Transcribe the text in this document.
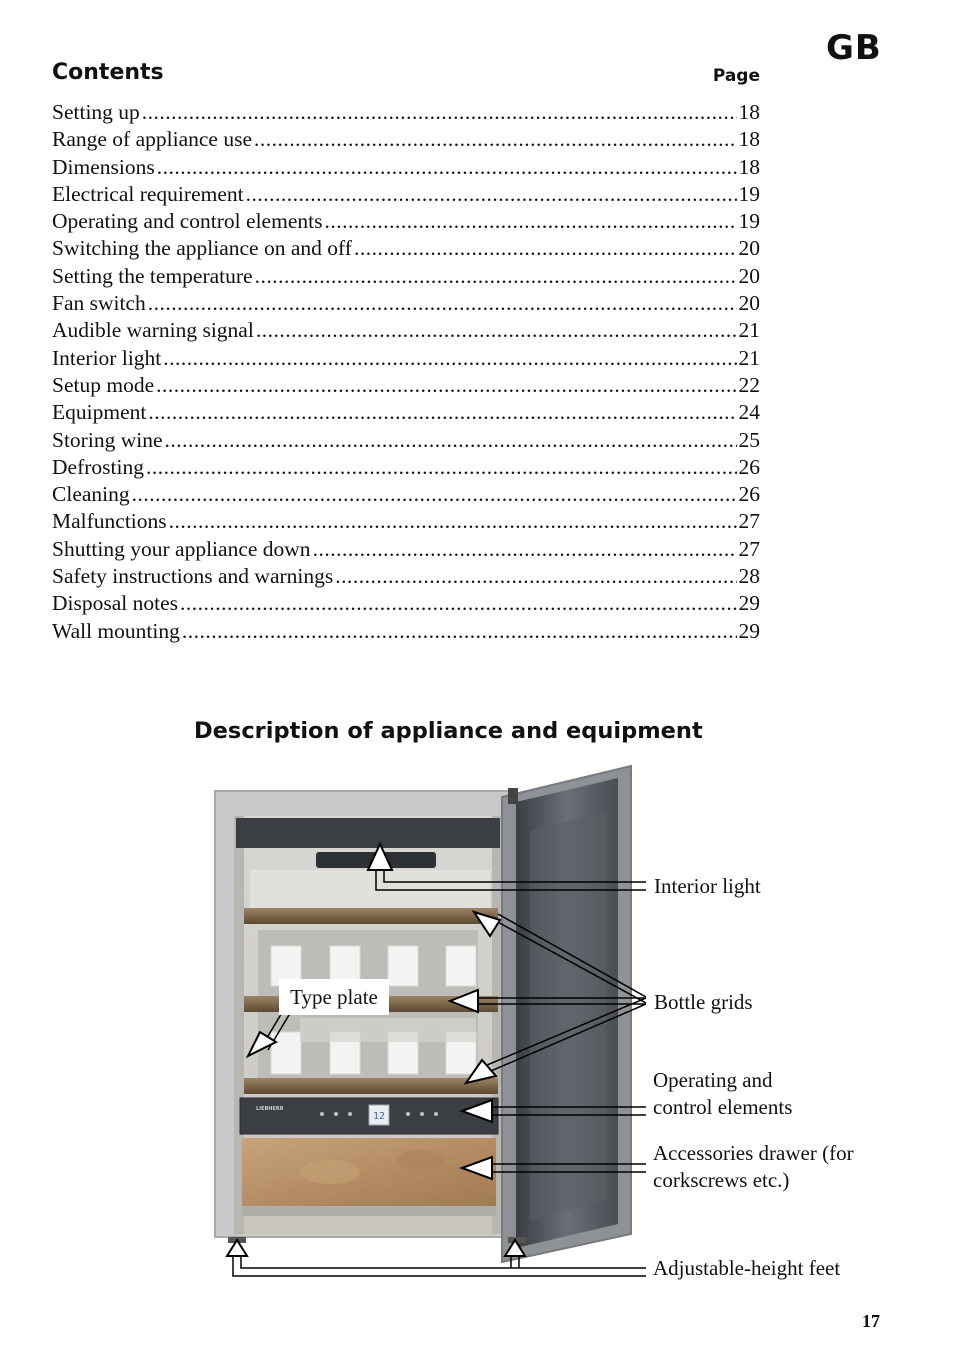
GB
Contents	Page
Setting up .....	18
Range of appliance use .....	18
Dimensions .....	18
Electrical requirement .....	19
Operating and control elements .....	19
Switching the appliance on and off .....	20
Setting the temperature .....	20
Fan switch .....	20
Audible warning signal .....	21
Interior light .....	21
Setup mode .....	22
Equipment .....	24
Storing wine .....	25
Defrosting .....	26
Cleaning .....	26
Malfunctions .....	27
Shutting your appliance down .....	27
Safety instructions and warnings .....	28
Disposal notes .....	29
Wall mounting .....	29
Description of appliance and equipment
LIEBHERR
12
Type plate
Interior light
Bottle grids
Operating and
control elements
Accessories drawer (for
corkscrews etc.)
Adjustable-height feet
17
